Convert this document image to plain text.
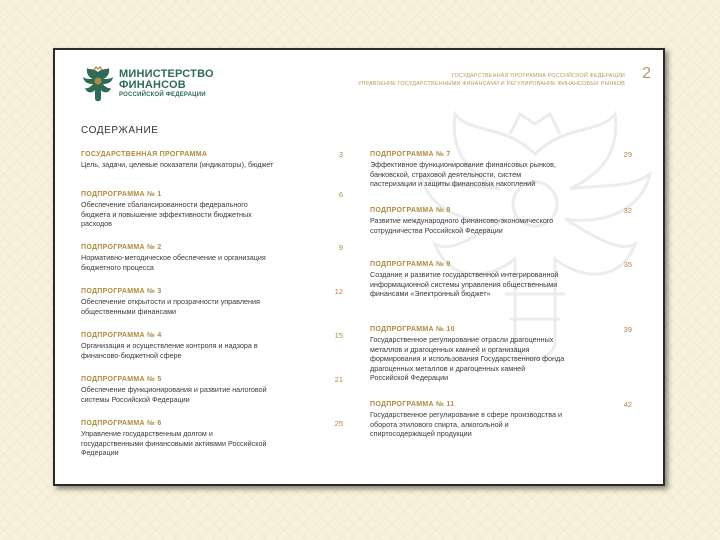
МИНИСТЕРСТВО
ФИНАНСОВ
РОССИЙСКОЙ ФЕДЕРАЦИИ
ГОСУДАРСТВЕННАЯ ПРОГРАММА РОССИЙСКОЙ ФЕДЕРАЦИИ
УПРАВЛЕНИЕ ГОСУДАРСТВЕННЫМИ ФИНАНСАМИ И РЕГУЛИРОВАНИЕ ФИНАНСОВЫХ РЫНКОВ
2
СОДЕРЖАНИЕ
ГОСУДАРСТВЕННАЯ ПРОГРАММА
Цель, задачи, целевые показатели (индикаторы), бюджет
3
ПОДПРОГРАММА № 1
Обеспечение сбалансированности федерального бюджета и повышение эффективности бюджетных расходов
6
ПОДПРОГРАММА № 2
Нормативно-методическое обеспечение и организация бюджетного процесса
9
ПОДПРОГРАММА № 3
Обеспечение открытости и прозрачности управления общественными финансами
12
ПОДПРОГРАММА № 4
Организация и осуществление контроля и надзора в финансово-бюджетной сфере
15
ПОДПРОГРАММА № 5
Обеспечение функционирования и развитие налоговой системы Российской Федерации
21
ПОДПРОГРАММА № 6
Управление государственным долгом и государственными финансовыми активами Российской Федерации
25
ПОДПРОГРАММА № 7
Эффективное функционирование финансовых рынков, банковской, страховой деятельности, систем пастеризации и защиты финансовых накоплений
29
ПОДПРОГРАММА № 8
Развитие международного финансово-экономического сотрудничества Российской Федерации
32
ПОДПРОГРАММА № 9
Создание и развитие государственной интегрированной информационной системы управления общественными финансами «Электронный бюджет»
35
ПОДПРОГРАММА № 10
Государственное регулирование отрасли драгоценных металлов и драгоценных камней и организация формирования и использования Государственного фонда драгоценных металлов и драгоценных камней Российской Федерации
39
ПОДПРОГРАММА № 11
Государственное регулирование в сфере производства и оборота этилового спирта, алкогольной и спиртосодержащей продукции
42
